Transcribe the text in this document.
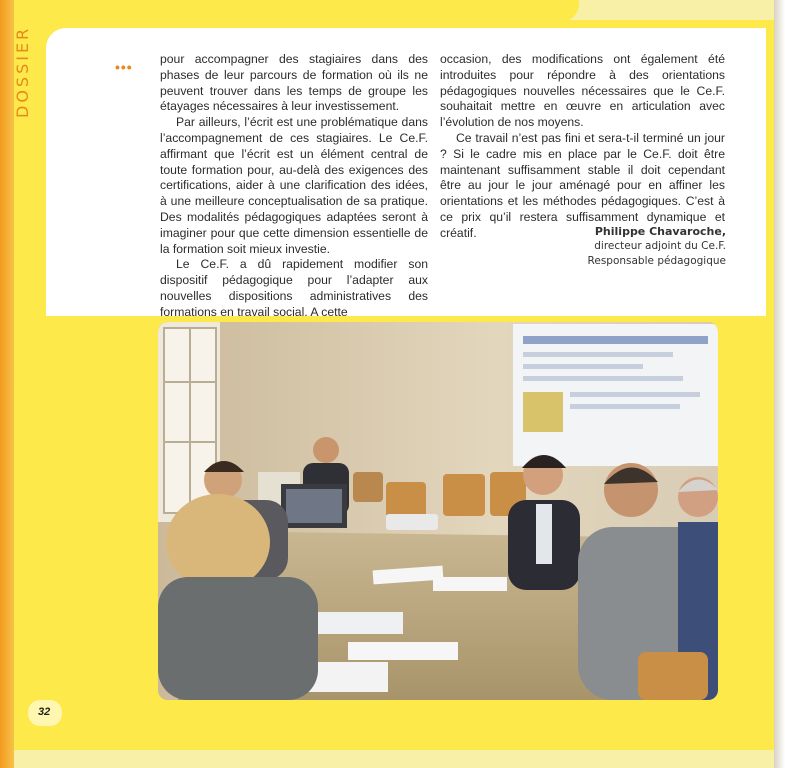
DOSSIER	••• pour accompagner des stagiaires dans des phases de leur parcours de formation où ils ne peuvent trouver dans les temps de groupe les étayages nécessaires à leur investissement.

Par ailleurs, l’écrit est une problématique dans l’accompagnement de ces stagiaires. Le Ce.F. affirmant que l’écrit est un élément central de toute formation pour, au-delà des exigences des certifications, aider à une clarification des idées, à une meilleure conceptualisation de sa pratique. Des modalités pédagogiques adaptées seront à imaginer pour que cette dimension essentielle de la formation soit mieux investie.

Le Ce.F. a dû rapidement modifier son dispositif pédagogique pour l’adapter aux nouvelles dispositions administratives des formations en travail social. A cette

occasion, des modifications ont également été introduites pour répondre à des orientations pédagogiques nouvelles nécessaires que le Ce.F. souhaitait mettre en œuvre en articulation avec l’évolution de nos moyens.

Ce travail n’est pas fini et sera-t-il terminé un jour ? Si le cadre mis en place par le Ce.F. doit être maintenant suffisamment stable il doit cependant être au jour le jour aménagé pour en affiner les orientations et les méthodes pédagogiques. C’est à ce prix qu’il restera suffisamment dynamique et créatif.	Philippe Chavaroche,
directeur adjoint du Ce.F.
Responsable pédagogique
32
